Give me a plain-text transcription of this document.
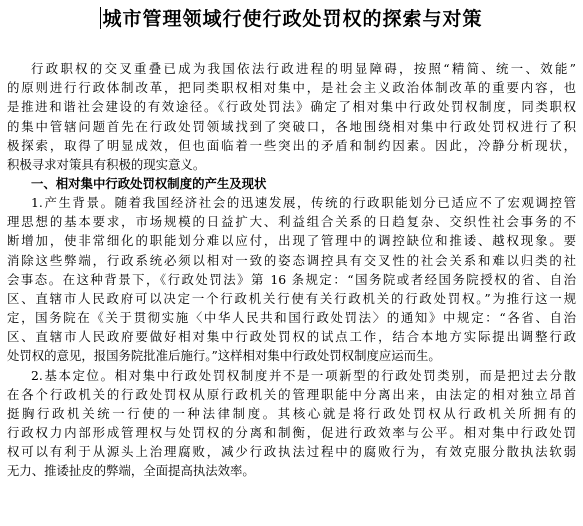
城市管理领域行使行政处罚权的探索与对策
行政职权的交叉重叠已成为我国依法行政进程的明显障碍，按照“精简、统一、效能”
的原则进行行政体制改革，把同类职权相对集中，是社会主义政治体制改革的重要内容，也
是推进和谐社会建设的有效途径。《行政处罚法》确定了相对集中行政处罚权制度，同类职权
的集中管辖问题首先在行政处罚领域找到了突破口，各地围绕相对集中行政处罚权进行了积
极探索，取得了明显成效，但也面临着一些突出的矛盾和制约因素。因此，冷静分析现状，
积极寻求对策具有积极的现实意义。
一、相对集中行政处罚权制度的产生及现状
1.产生背景。随着我国经济社会的迅速发展，传统的行政职能划分已适应不了宏观调控管
理思想的基本要求，市场规模的日益扩大、利益组合关系的日趋复杂、交织性社会事务的不
断增加，使非常细化的职能划分难以应付，出现了管理中的调控缺位和推诿、越权现象。要
消除这些弊端，行政系统必须以相对一致的姿态调控具有交叉性的社会关系和难以归类的社
会事态。在这种背景下，《行政处罚法》第 16 条规定：“国务院或者经国务院授权的省、自治
区、直辖市人民政府可以决定一个行政机关行使有关行政机关的行政处罚权。”为推行这一规
定，国务院在《关于贯彻实施〈中华人民共和国行政处罚法〉的通知》中规定：“各省、自治
区、直辖市人民政府要做好相对集中行政处罚权的试点工作，结合本地方实际提出调整行政
处罚权的意见，报国务院批准后施行。”这样相对集中行政处罚权制度应运而生。
2.基本定位。相对集中行政处罚权制度并不是一项新型的行政处罚类别，而是把过去分散
在各个行政机关的行政处罚权从原行政机关的管理职能中分离出来，由法定的相对独立昂首
挺胸行政机关统一行使的一种法律制度。其核心就是将行政处罚权从行政机关所拥有的
行政权力内部形成管理权与处罚权的分离和制衡，促进行政效率与公平。相对集中行政处罚
权可以有利于从源头上治理腐败，减少行政执法过程中的腐败行为，有效克服分散执法软弱
无力、推诿扯皮的弊端，全面提高执法效率。
